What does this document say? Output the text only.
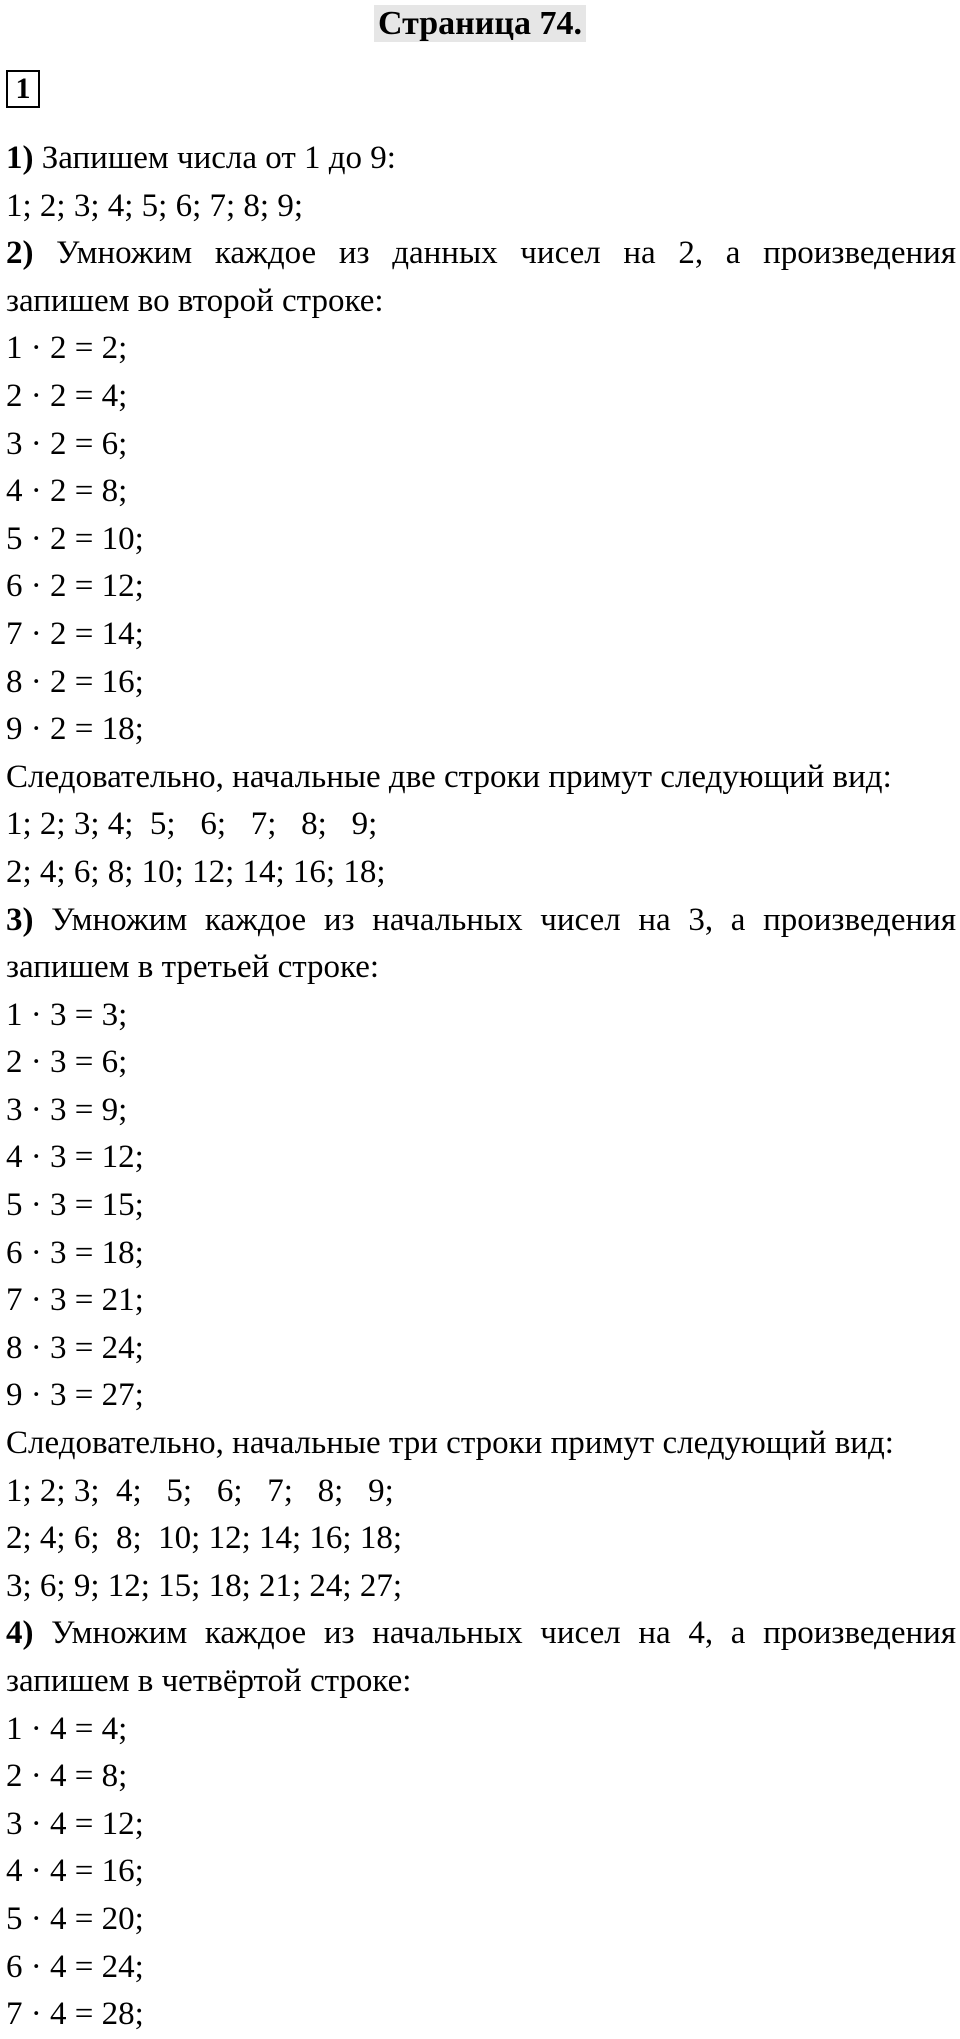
Страница 74.
1
1) Запишем числа от 1 до 9:
1; 2; 3; 4; 5; 6; 7; 8; 9;
2) Умножим каждое из данных чисел на 2, а произведения
запишем во второй строке:
1 · 2 = 2;
2 · 2 = 4;
3 · 2 = 6;
4 · 2 = 8;
5 · 2 = 10;
6 · 2 = 12;
7 · 2 = 14;
8 · 2 = 16;
9 · 2 = 18;
Следовательно, начальные две строки примут следующий вид:
1; 2; 3; 4;  5;   6;   7;   8;   9;
2; 4; 6; 8; 10; 12; 14; 16; 18;
3) Умножим каждое из начальных чисел на 3, а произведения
запишем в третьей строке:
1 · 3 = 3;
2 · 3 = 6;
3 · 3 = 9;
4 · 3 = 12;
5 · 3 = 15;
6 · 3 = 18;
7 · 3 = 21;
8 · 3 = 24;
9 · 3 = 27;
Следовательно, начальные три строки примут следующий вид:
1; 2; 3;  4;   5;   6;   7;   8;   9;
2; 4; 6;  8;  10; 12; 14; 16; 18;
3; 6; 9; 12; 15; 18; 21; 24; 27;
4) Умножим каждое из начальных чисел на 4, а произведения
запишем в четвёртой строке:
1 · 4 = 4;
2 · 4 = 8;
3 · 4 = 12;
4 · 4 = 16;
5 · 4 = 20;
6 · 4 = 24;
7 · 4 = 28;
